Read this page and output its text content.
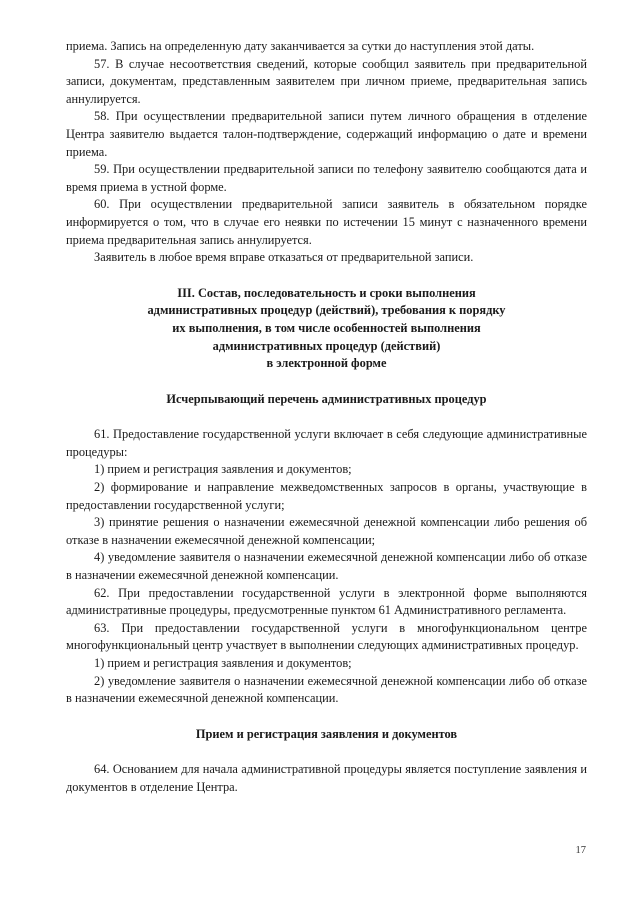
приема. Запись на определенную дату заканчивается за сутки до наступления этой даты.

57. В случае несоответствия сведений, которые сообщил заявитель при предварительной записи, документам, представленным заявителем при личном приеме, предварительная запись аннулируется.

58. При осуществлении предварительной записи путем личного обращения в отделение Центра заявителю выдается талон-подтверждение, содержащий информацию о дате и времени приема.

59. При осуществлении предварительной записи по телефону заявителю сообщаются дата и время приема в устной форме.

60. При осуществлении предварительной записи заявитель в обязательном порядке информируется о том, что в случае его неявки по истечении 15 минут с назначенного времени приема предварительная запись аннулируется.

Заявитель в любое время вправе отказаться от предварительной записи.

III. Состав, последовательность и сроки выполнения
административных процедур (действий), требования к порядку
их выполнения, в том числе особенностей выполнения
административных процедур (действий)
в электронной форме
Исчерпывающий перечень административных процедур

61. Предоставление государственной услуги включает в себя следующие административные процедуры:

1) прием и регистрация заявления и документов;

2) формирование и направление межведомственных запросов в органы, участвующие в предоставлении государственной услуги;

3) принятие решения о назначении ежемесячной денежной компенсации либо решения об отказе в назначении ежемесячной денежной компенсации;

4) уведомление заявителя о назначении ежемесячной денежной компенсации либо об отказе в назначении ежемесячной денежной компенсации.

62. При предоставлении государственной услуги в электронной форме выполняются административные процедуры, предусмотренные пунктом 61 Административного регламента.

63. При предоставлении государственной услуги в многофункциональном центре многофункциональный центр участвует в выполнении следующих административных процедур.

1) прием и регистрация заявления и документов;

2) уведомление заявителя о назначении ежемесячной денежной компенсации либо об отказе в назначении ежемесячной денежной компенсации.

Прием и регистрация заявления и документов

64. Основанием для начала административной процедуры является поступление заявления и документов в отделение Центра.

17
